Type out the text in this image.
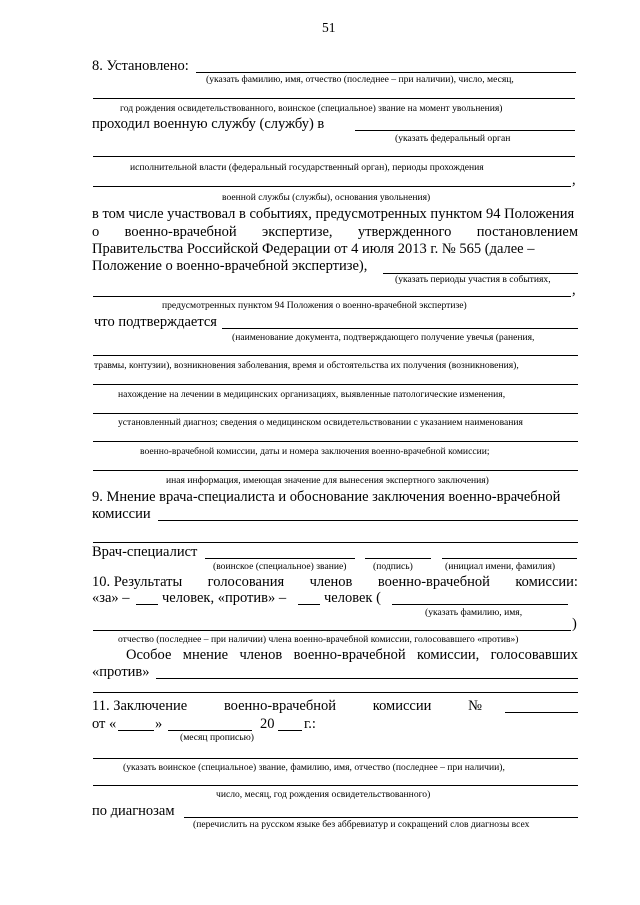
51
8. Установлено:
(указать фамилию, имя, отчество (последнее – при наличии), число, месяц,
год рождения освидетельствованного, воинское (специальное) звание на момент увольнения)
проходил военную службу (службу) в
(указать федеральный орган
исполнительной власти (федеральный государственный орган), периоды прохождения
,
военной службы (службы), основания увольнения)
в том числе участвовал в событиях, предусмотренных пунктом 94 Положения
о военно-врачебной экспертизе, утвержденного постановлением
Правительства Российской Федерации от 4 июля 2013 г. № 565 (далее –
Положение о военно-врачебной экспертизе),
(указать периоды участия в событиях,
,
предусмотренных пунктом 94 Положения о военно-врачебной экспертизе)
что подтверждается
(наименование документа, подтверждающего получение увечья (ранения,
травмы, контузии), возникновения заболевания, время и обстоятельства их получения (возникновения),
нахождение на лечении в медицинских организациях, выявленные патологические изменения,
установленный диагноз; сведения о медицинском освидетельствовании с указанием наименования
военно-врачебной комиссии, даты и номера заключения военно-врачебной комиссии;
иная информация, имеющая значение для вынесения экспертного заключения)
9. Мнение врача-специалиста и обоснование заключения военно-врачебной
комиссии
Врач-специалист
(воинское (специальное) звание)	(подпись)	(инициал имени, фамилия)
10. Результаты голосования членов военно-врачебной комиссии:
«за» – человек, «против» –	человек (
(указать фамилию, имя,
)
отчество (последнее – при наличии) члена военно-врачебной комиссии, голосовавшего «против»)
Особое мнение членов военно-врачебной комиссии, голосовавших
«против»
11. Заключение	военно-врачебной	комиссии	№
от «	»	20 г.:
(месяц прописью)
(указать воинское (специальное) звание, фамилию, имя, отчество (последнее – при наличии),
число, месяц, год рождения освидетельствованного)
по диагнозам
(перечислить на русском языке без аббревиатур и сокращений слов диагнозы всех
